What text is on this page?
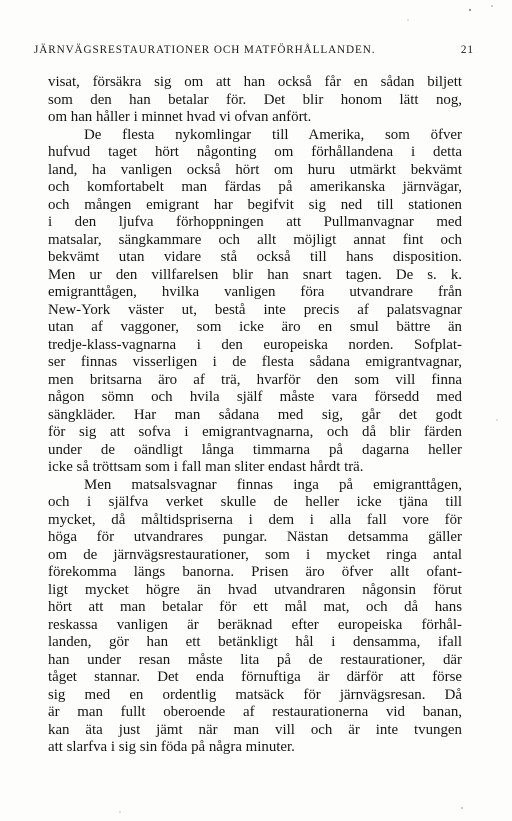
JÄRNVÄGSRESTAURATIONER OCH MATFÖRHÅLLANDEN.	21
visat, försäkra sig om att han också får en sådan biljett
som den han betalar för. Det blir honom lätt nog,
om han håller i minnet hvad vi ofvan anfört.
De flesta nykomlingar till Amerika, som öfver
hufvud taget hört någonting om förhållandena i detta
land, ha vanligen också hört om huru utmärkt bekvämt
och komfortabelt man färdas på amerikanska järnvägar,
och mången emigrant har begifvit sig ned till stationen
i den ljufva förhoppningen att Pullmanvagnar med
matsalar, sängkammare och allt möjligt annat fint och
bekvämt utan vidare stå också till hans disposition.
Men ur den villfarelsen blir han snart tagen. De s. k.
emigranttågen, hvilka vanligen föra utvandrare från
New-York väster ut, bestå inte precis af palatsvagnar
utan af vaggoner, som icke äro en smul bättre än
tredje-klass-vagnarna i den europeiska norden. Sofplat-
ser finnas visserligen i de flesta sådana emigrantvagnar,
men britsarna äro af trä, hvarför den som vill finna
någon sömn och hvila själf måste vara försedd med
sängkläder. Har man sådana med sig, går det godt
för sig att sofva i emigrantvagnarna, och då blir färden
under de oändligt långa timmarna på dagarna heller
icke så tröttsam som i fall man sliter endast hårdt trä.
Men matsalsvagnar finnas inga på emigranttågen,
och i själfva verket skulle de heller icke tjäna till
mycket, då måltidspriserna i dem i alla fall vore för
höga för utvandrares pungar. Nästan detsamma gäller
om de järnvägsrestaurationer, som i mycket ringa antal
förekomma längs banorna. Prisen äro öfver allt ofant-
ligt mycket högre än hvad utvandraren någonsin förut
hört att man betalar för ett mål mat, och då hans
reskassa vanligen är beräknad efter europeiska förhål-
landen, gör han ett betänkligt hål i densamma, ifall
han under resan måste lita på de restaurationer, där
tåget stannar. Det enda förnuftiga är därför att förse
sig med en ordentlig matsäck för järnvägsresan. Då
är man fullt oberoende af restaurationerna vid banan,
kan äta just jämt när man vill och är inte tvungen
att slarfva i sig sin föda på några minuter.
